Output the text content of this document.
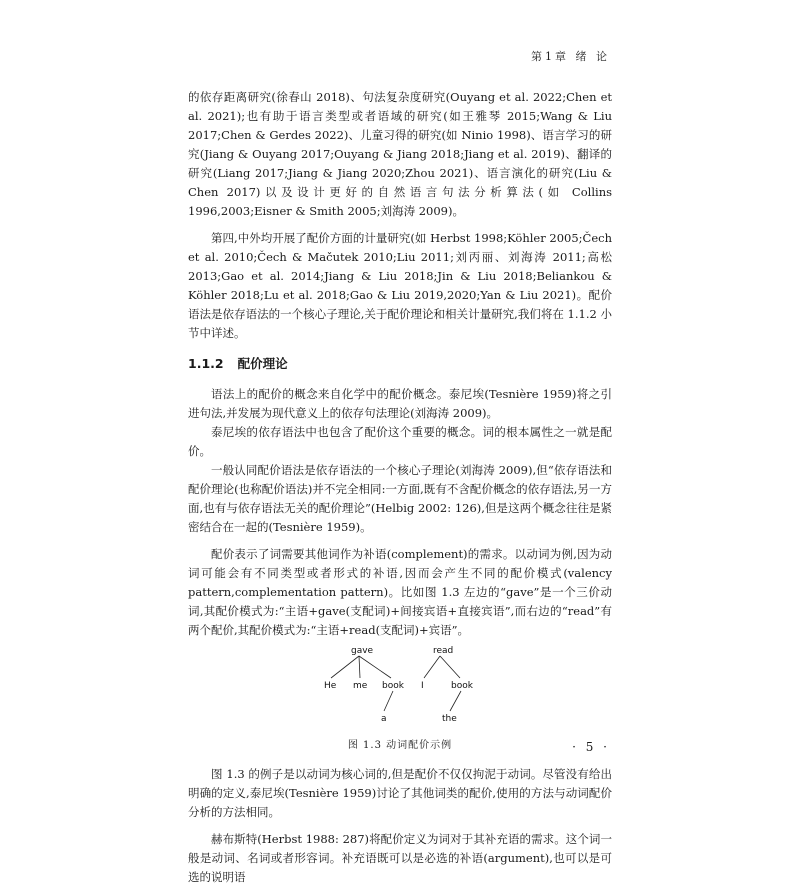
第1章 绪 论

的依存距离研究(徐春山 2018)、句法复杂度研究(Ouyang et al. 2022;Chen et al. 2021);也有助于语言类型或者语域的研究(如王雅琴 2015;Wang & Liu 2017;Chen & Gerdes 2022)、儿童习得的研究(如 Ninio 1998)、语言学习的研究(Jiang & Ouyang 2017;Ouyang & Jiang 2018;Jiang et al. 2019)、翻译的研究(Liang 2017;Jiang & Jiang 2020;Zhou 2021)、语言演化的研究(Liu & Chen 2017)以及设计更好的自然语言句法分析算法(如 Collins 1996,2003;Eisner & Smith 2005;刘海涛 2009)。

第四,中外均开展了配价方面的计量研究(如 Herbst 1998;Köhler 2005;Čech et al. 2010;Čech & Mačutek 2010;Liu 2011;刘丙丽、刘海涛 2011;高松 2013;Gao et al. 2014;Jiang & Liu 2018;Jin & Liu 2018;Beliankou & Köhler 2018;Lu et al. 2018;Gao & Liu 2019,2020;Yan & Liu 2021)。配价语法是依存语法的一个核心子理论,关于配价理论和相关计量研究,我们将在 1.1.2 小节中详述。

1.1.2 配价理论

语法上的配价的概念来自化学中的配价概念。泰尼埃(Tesnière 1959)将之引进句法,并发展为现代意义上的依存句法理论(刘海涛 2009)。

泰尼埃的依存语法中也包含了配价这个重要的概念。词的根本属性之一就是配价。

一般认同配价语法是依存语法的一个核心子理论(刘海涛 2009),但“依存语法和配价理论(也称配价语法)并不完全相同:一方面,既有不含配价概念的依存语法,另一方面,也有与依存语法无关的配价理论”(Helbig 2002: 126),但是这两个概念往往是紧密结合在一起的(Tesnière 1959)。

配价表示了词需要其他词作为补语(complement)的需求。以动词为例,因为动词可能会有不同类型或者形式的补语,因而会产生不同的配价模式(valency pattern,complementation pattern)。比如图 1.3 左边的“gave”是一个三价动词,其配价模式为:“主语+gave(支配词)+间接宾语+直接宾语”,而右边的“read”有两个配价,其配价模式为:“主语+read(支配词)+宾语”。

gave
He me book
a
read
I	book
the
图 1.3 动词配价示例

图 1.3 的例子是以动词为核心词的,但是配价不仅仅拘泥于动词。尽管没有给出明确的定义,泰尼埃(Tesnière 1959)讨论了其他词类的配价,使用的方法与动词配价分析的方法相同。

赫布斯特(Herbst 1988: 287)将配价定义为词对于其补充语的需求。这个词一般是动词、名词或者形容词。补充语既可以是必选的补语(argument),也可以是可选的说明语

· 5 ·
